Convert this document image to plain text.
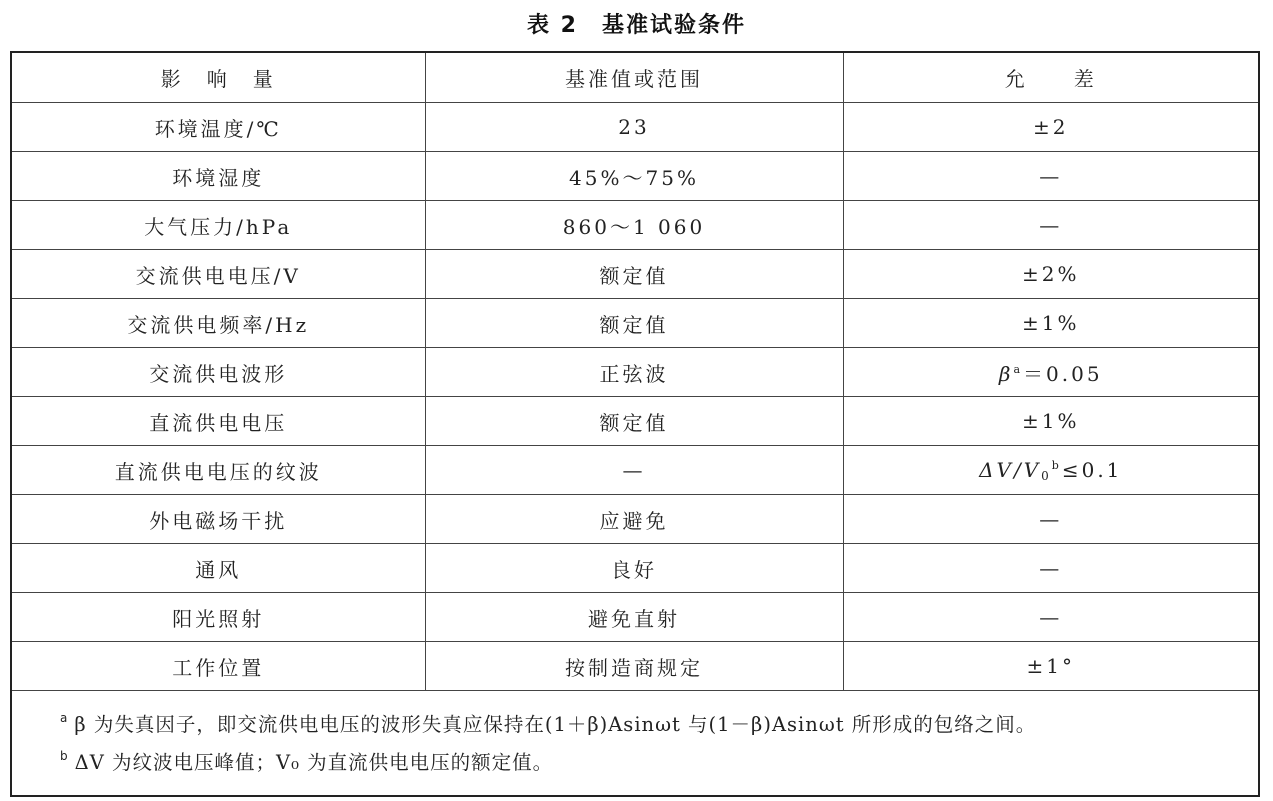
表 2　基准试验条件
影　响　量	基准值或范围	允　　差
环境温度/℃	23	±2
环境湿度	45%～75%	—
大气压力/hPa	860～1 060	—
交流供电电压/V	额定值	±2%
交流供电频率/Hz	额定值	±1%
交流供电波形	正弦波	$\beta^a=0.05$
直流供电电压	额定值	±1%
直流供电电压的纹波	—	$\Delta V/V_0^b\le 0.1$
外电磁场干扰	应避免	—
通风	良好	—
阳光照射	避免直射	—
工作位置	按制造商规定	±1°

$^a$ β 为失真因子，即交流供电电压的波形失真应保持在(1＋β)Asinωt 与(1－β)Asinωt 所形成的包络之间。
$^b$ ΔV 为纹波电压峰值；V₀ 为直流供电电压的额定值。		
